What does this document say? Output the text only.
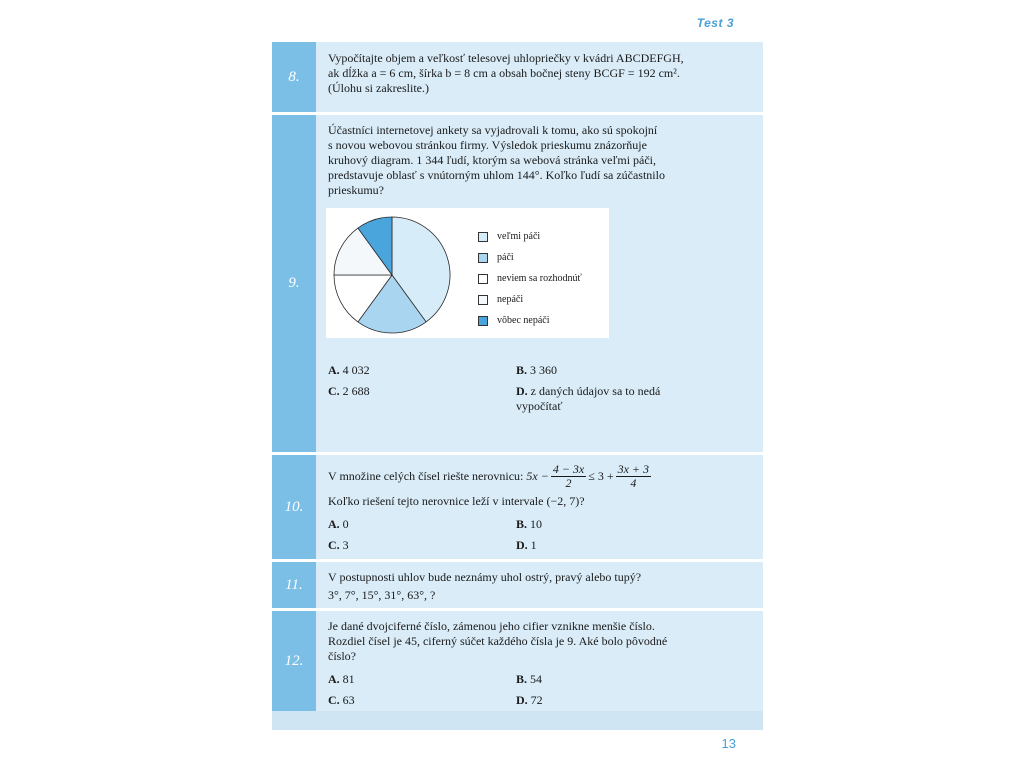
Test 3
8.

Vypočítajte objem a veľkosť telesovej uhlopriečky v kvádri ABCDEFGH,

ak dĺžka a = 6 cm, šírka b = 8 cm a obsah bočnej steny BCGF = 192 cm².

(Úlohu si zakreslite.)

9.

Účastníci internetovej ankety sa vyjadrovali k tomu, ako sú spokojní

s novou webovou stránkou firmy. Výsledok prieskumu znázorňuje

kruhový diagram. 1 344 ľudí, ktorým sa webová stránka veľmi páči,

predstavuje oblasť s vnútorným uhlom 144°. Koľko ľudí sa zúčastnilo

prieskumu?

veľmi páči
páči
neviem sa rozhodnúť
nepáči
vôbec nepáči
A. 4 032	B. 3 360
C. 2 688	D. z daných údajov sa to nedá vypočítať
10.

V množine celých čísel riešte nerovnicu:
$5x - \frac{4 - 3x}{2} \le 3 + \frac{3x + 3}{4}$

Koľko riešení tejto nerovnice leží v intervale (−2, 7)?

A. 0	B. 10
C. 3	D. 1
11.	V postupnosti uhlov bude neznámy uhol ostrý, pravý alebo tupý?

3°, 7°, 15°, 31°, 63°, ?

12.

Je dané dvojciferné číslo, zámenou jeho cifier vznikne menšie číslo.

Rozdiel čísel je 45, ciferný súčet každého čísla je 9. Aké bolo pôvodné

číslo?

A. 81	B. 54
C. 63	D. 72
13
